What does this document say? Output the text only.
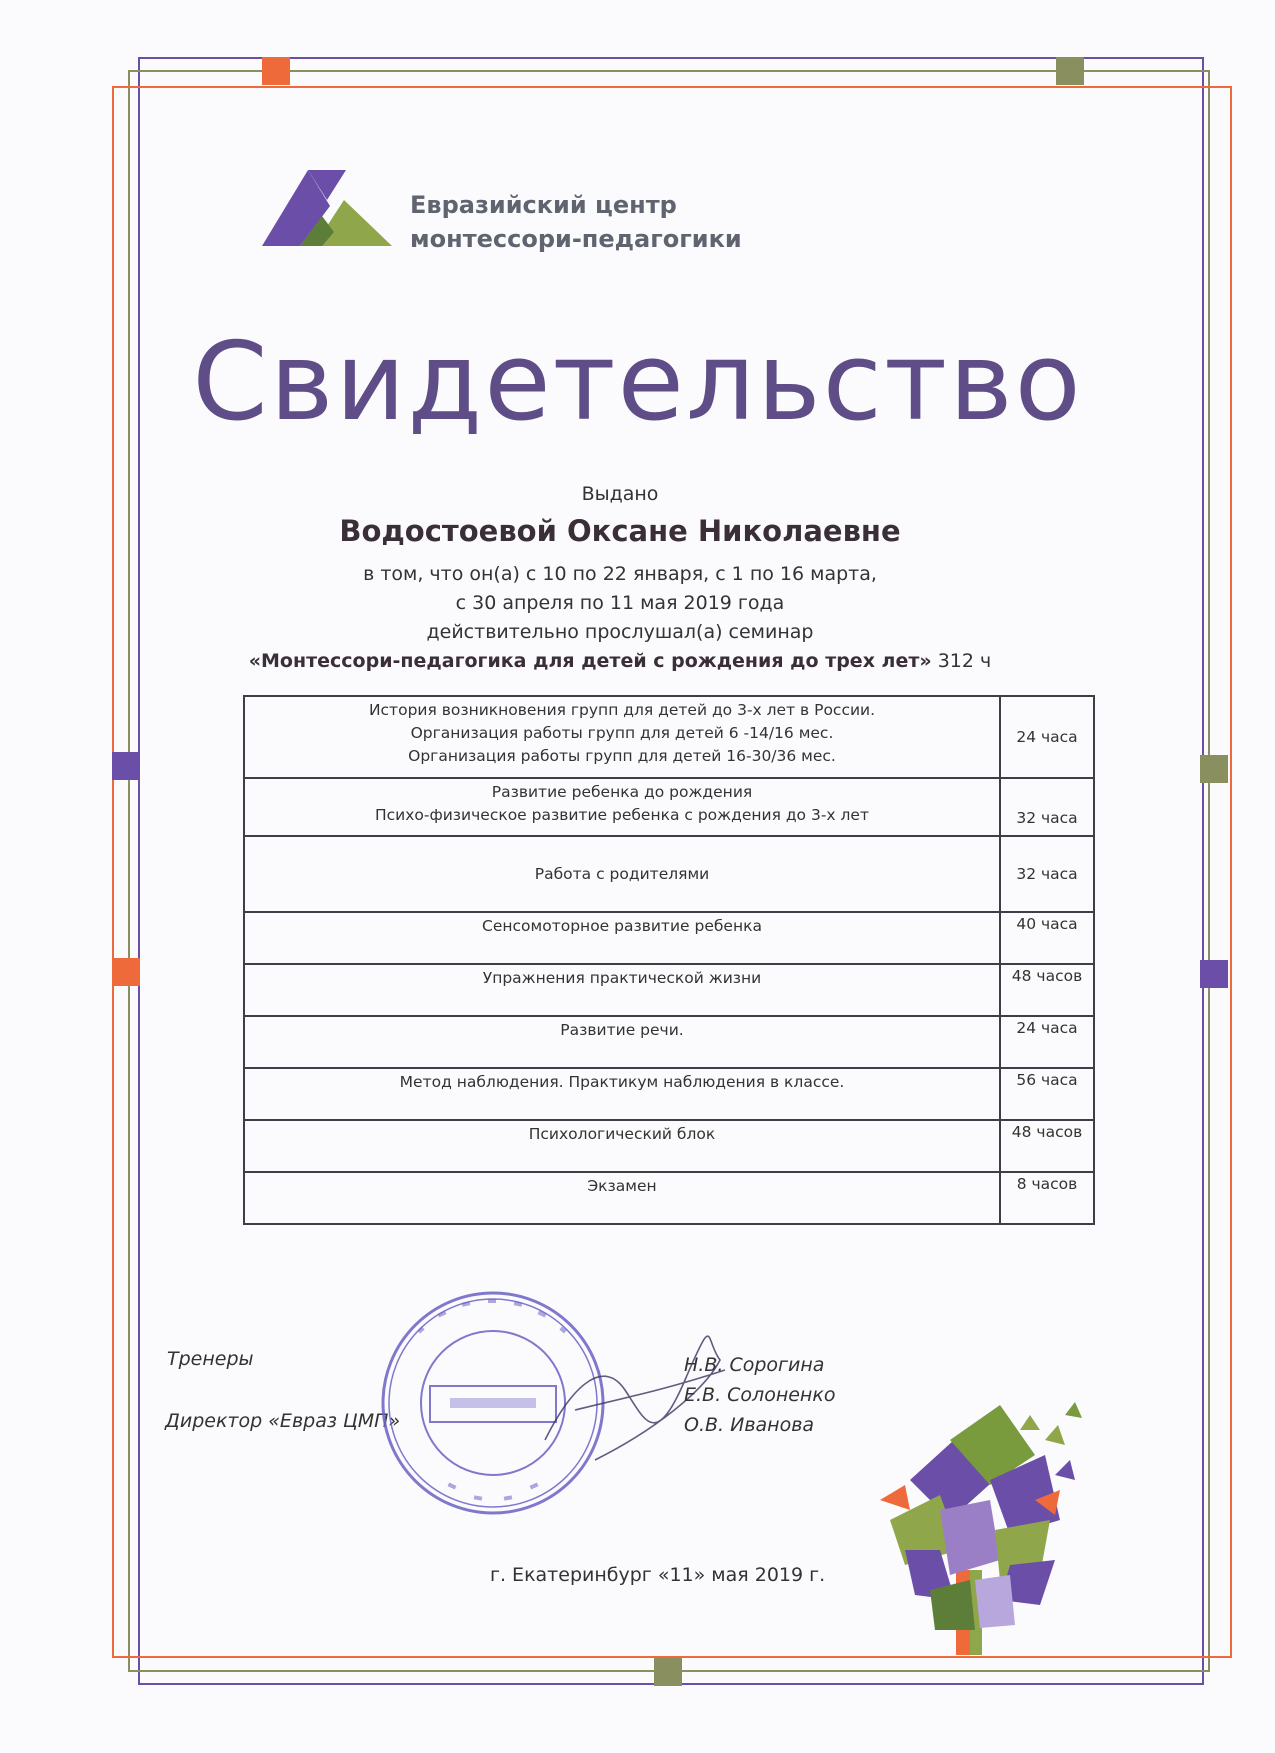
Евразийский центр
монтессори-педагогики
Свидетельство
Выдано
Водостоевой Оксане Николаевне
в том, что он(а) с 10 по 22 января, с 1 по 16 марта,
с 30 апреля по 11 мая 2019 года
действительно прослушал(а) семинар
«Монтессори-педагогика для детей с рождения до трех лет» 312 ч
История возникновения групп для детей до 3-х лет в России.
Организация работы групп для детей 6 -14/16 мес.
Организация работы групп для детей 16-30/36 мес.	24 часа

Развитие ребенка до рождения
Психо-физическое развитие ребенка с рождения до 3-х лет	32 часа

Работа с родителями	32 часа

Сенсомоторное развитие ребенка	40 часа

Упражнения практической жизни	48 часов

Развитие речи.	24 часа

Метод наблюдения. Практикум наблюдения в классе.	56 часа

Психологический блок	48 часов

Экзамен	8 часов
Тренеры
Директор «Евраз ЦМП»
Н.В. Сорогина
Е.В. Солоненко
О.В. Иванова
г. Екатеринбург «11» мая 2019 г.
